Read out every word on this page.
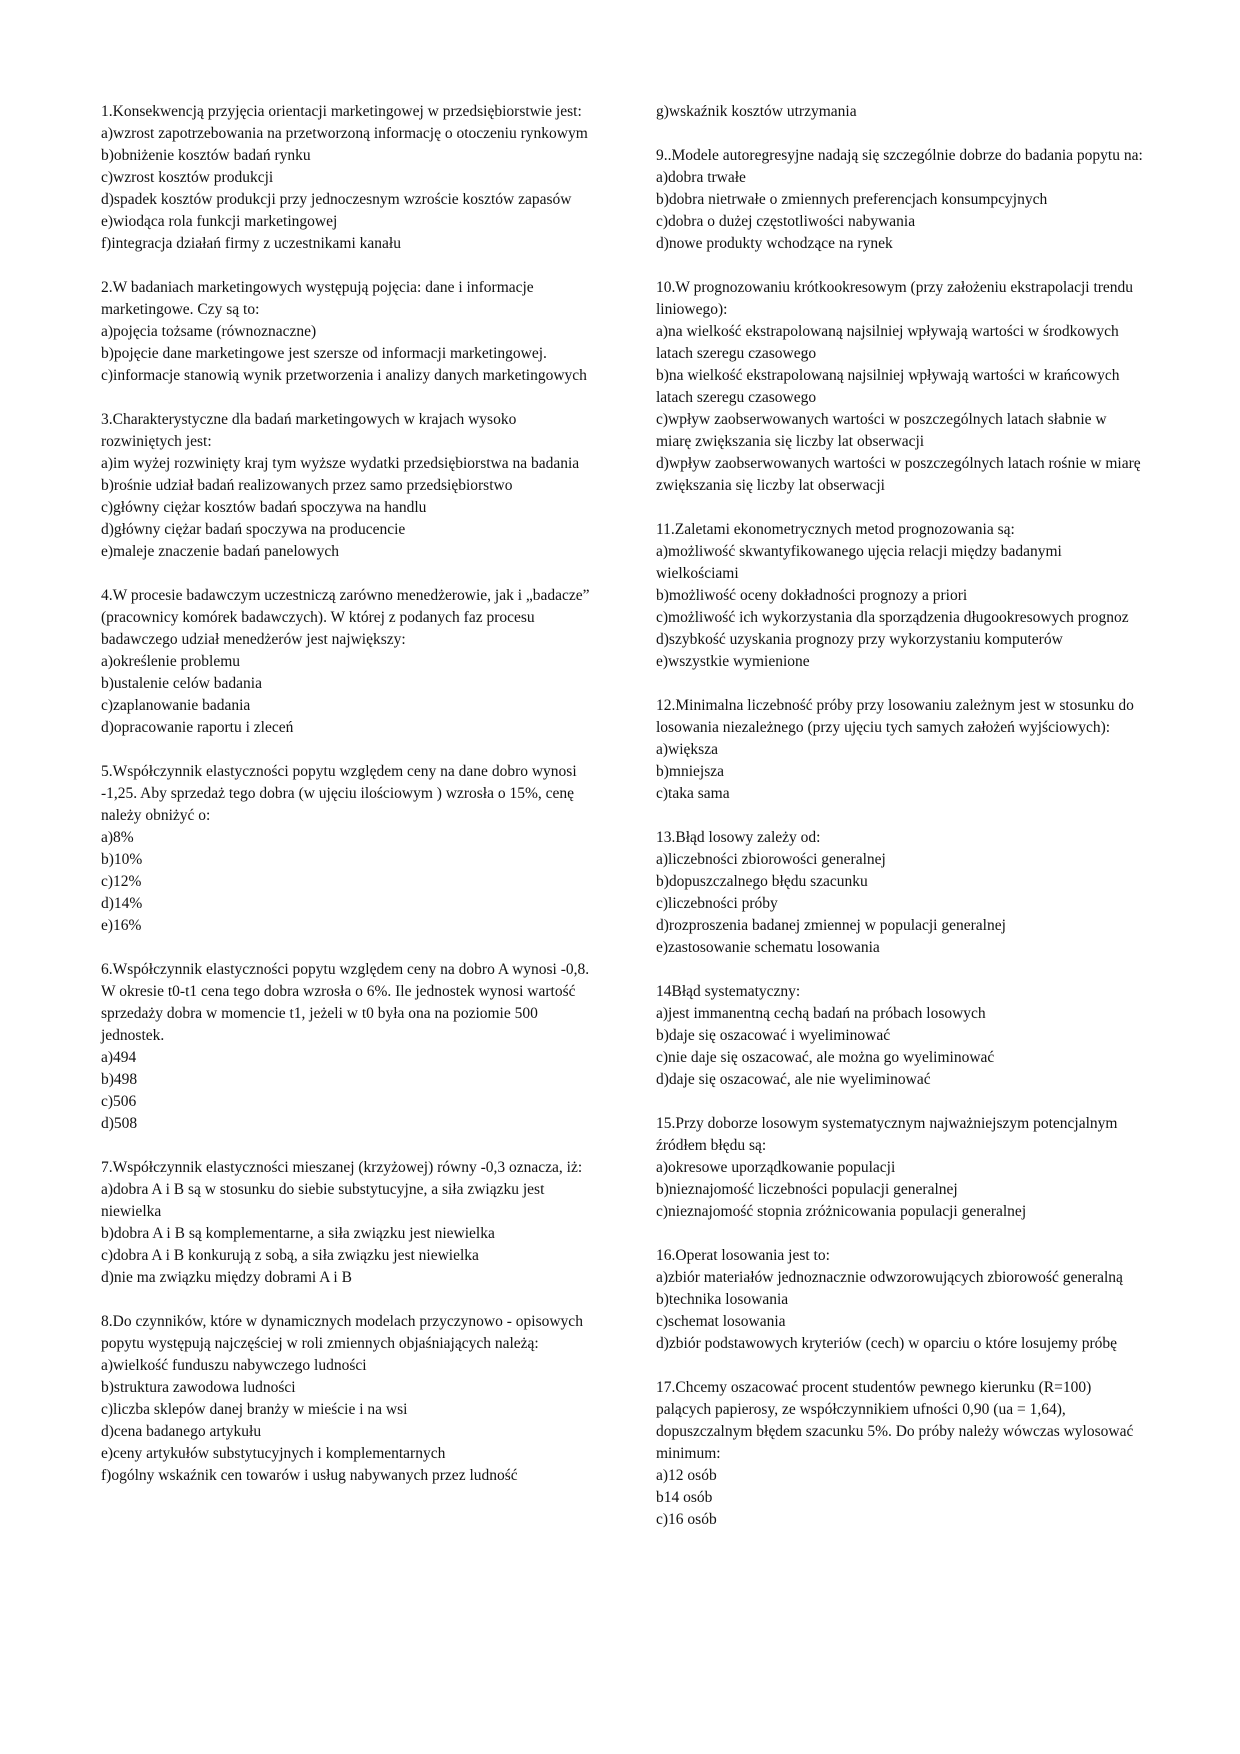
1.Konsekwencją przyjęcia orientacji marketingowej w przedsiębiorstwie jest:
a)wzrost zapotrzebowania na przetworzoną informację o otoczeniu rynkowym
b)obniżenie kosztów badań rynku
c)wzrost kosztów produkcji
d)spadek kosztów produkcji przy jednoczesnym wzroście kosztów zapasów
e)wiodąca rola funkcji marketingowej
f)integracja działań firmy z uczestnikami kanału
2.W badaniach marketingowych występują pojęcia: dane i informacje marketingowe. Czy są to:
a)pojęcia tożsame (równoznaczne)
b)pojęcie dane marketingowe jest szersze od informacji marketingowej.
c)informacje stanowią wynik przetworzenia i analizy danych marketingowych
3.Charakterystyczne dla badań marketingowych w krajach wysoko rozwiniętych jest:
a)im wyżej rozwinięty kraj tym wyższe wydatki przedsiębiorstwa na badania
b)rośnie udział badań realizowanych przez samo przedsiębiorstwo
c)główny ciężar kosztów badań spoczywa na handlu
d)główny ciężar badań spoczywa na producencie
e)maleje znaczenie badań panelowych
4.W procesie badawczym uczestniczą zarówno menedżerowie, jak i „badacze” (pracownicy komórek badawczych). W której z podanych faz procesu badawczego udział menedżerów jest największy:
a)określenie problemu
b)ustalenie celów badania
c)zaplanowanie badania
d)opracowanie raportu i zleceń
5.Współczynnik elastyczności popytu względem ceny na dane dobro wynosi -1,25. Aby sprzedaż tego dobra (w ujęciu ilościowym ) wzrosła o 15%, cenę należy obniżyć o:
a)8%
b)10%
c)12%
d)14%
e)16%
6.Współczynnik elastyczności popytu względem ceny na dobro A wynosi -0,8. W okresie t0-t1 cena tego dobra wzrosła o 6%. Ile jednostek wynosi wartość sprzedaży dobra w momencie t1, jeżeli w t0 była ona na poziomie 500 jednostek.
a)494
b)498
c)506
d)508
7.Współczynnik elastyczności mieszanej (krzyżowej) równy -0,3 oznacza, iż:
a)dobra A i B są w stosunku do siebie substytucyjne, a siła związku jest niewielka
b)dobra A i B są komplementarne, a siła związku jest niewielka
c)dobra A i B konkurują z sobą, a siła związku jest niewielka
d)nie ma związku między dobrami A i B
8.Do czynników, które w dynamicznych modelach przyczynowo - opisowych popytu występują najczęściej w roli zmiennych objaśniających należą:
a)wielkość funduszu nabywczego ludności
b)struktura zawodowa ludności
c)liczba sklepów danej branży w mieście i na wsi
d)cena badanego artykułu
e)ceny artykułów substytucyjnych i komplementarnych
f)ogólny wskaźnik cen towarów i usług nabywanych przez ludność
g)wskaźnik kosztów utrzymania
9..Modele autoregresyjne nadają się szczególnie dobrze do badania popytu na:
a)dobra trwałe
b)dobra nietrwałe o zmiennych preferencjach konsumpcyjnych
c)dobra o dużej częstotliwości nabywania
d)nowe produkty wchodzące na rynek
10.W prognozowaniu krótkookresowym (przy założeniu ekstrapolacji trendu liniowego):
a)na wielkość ekstrapolowaną najsilniej wpływają wartości w środkowych latach szeregu czasowego
b)na wielkość ekstrapolowaną najsilniej wpływają wartości w krańcowych latach szeregu czasowego
c)wpływ zaobserwowanych wartości w poszczególnych latach słabnie w miarę zwiększania się liczby lat obserwacji
d)wpływ zaobserwowanych wartości w poszczególnych latach rośnie w miarę zwiększania się liczby lat obserwacji
11.Zaletami ekonometrycznych metod prognozowania są:
a)możliwość skwantyfikowanego ujęcia relacji między badanymi wielkościami
b)możliwość oceny dokładności prognozy a priori
c)możliwość ich wykorzystania dla sporządzenia długookresowych prognoz
d)szybkość uzyskania prognozy przy wykorzystaniu komputerów
e)wszystkie wymienione
12.Minimalna liczebność próby przy losowaniu zależnym jest w stosunku do losowania niezależnego (przy ujęciu tych samych założeń wyjściowych):
a)większa
b)mniejsza
c)taka sama
13.Błąd losowy zależy od:
a)liczebności zbiorowości generalnej
b)dopuszczalnego błędu szacunku
c)liczebności próby
d)rozproszenia badanej zmiennej w populacji generalnej
e)zastosowanie schematu losowania
14Błąd systematyczny:
a)jest immanentną cechą badań na próbach losowych
b)daje się oszacować i wyeliminować
c)nie daje się oszacować, ale można go wyeliminować
d)daje się oszacować, ale nie wyeliminować
15.Przy doborze losowym systematycznym najważniejszym potencjalnym źródłem błędu są:
a)okresowe uporządkowanie populacji
b)nieznajomość liczebności populacji generalnej
c)nieznajomość stopnia zróżnicowania populacji generalnej
16.Operat losowania jest to:
a)zbiór materiałów jednoznacznie odwzorowujących zbiorowość generalną
b)technika losowania
c)schemat losowania
d)zbiór podstawowych kryteriów (cech) w oparciu o które losujemy próbę
17.Chcemy oszacować procent studentów pewnego kierunku (R=100) palących papierosy, ze współczynnikiem ufności 0,90 (ua = 1,64), dopuszczalnym błędem szacunku 5%. Do próby należy wówczas wylosować minimum:
a)12 osób
b14 osób
c)16 osób
